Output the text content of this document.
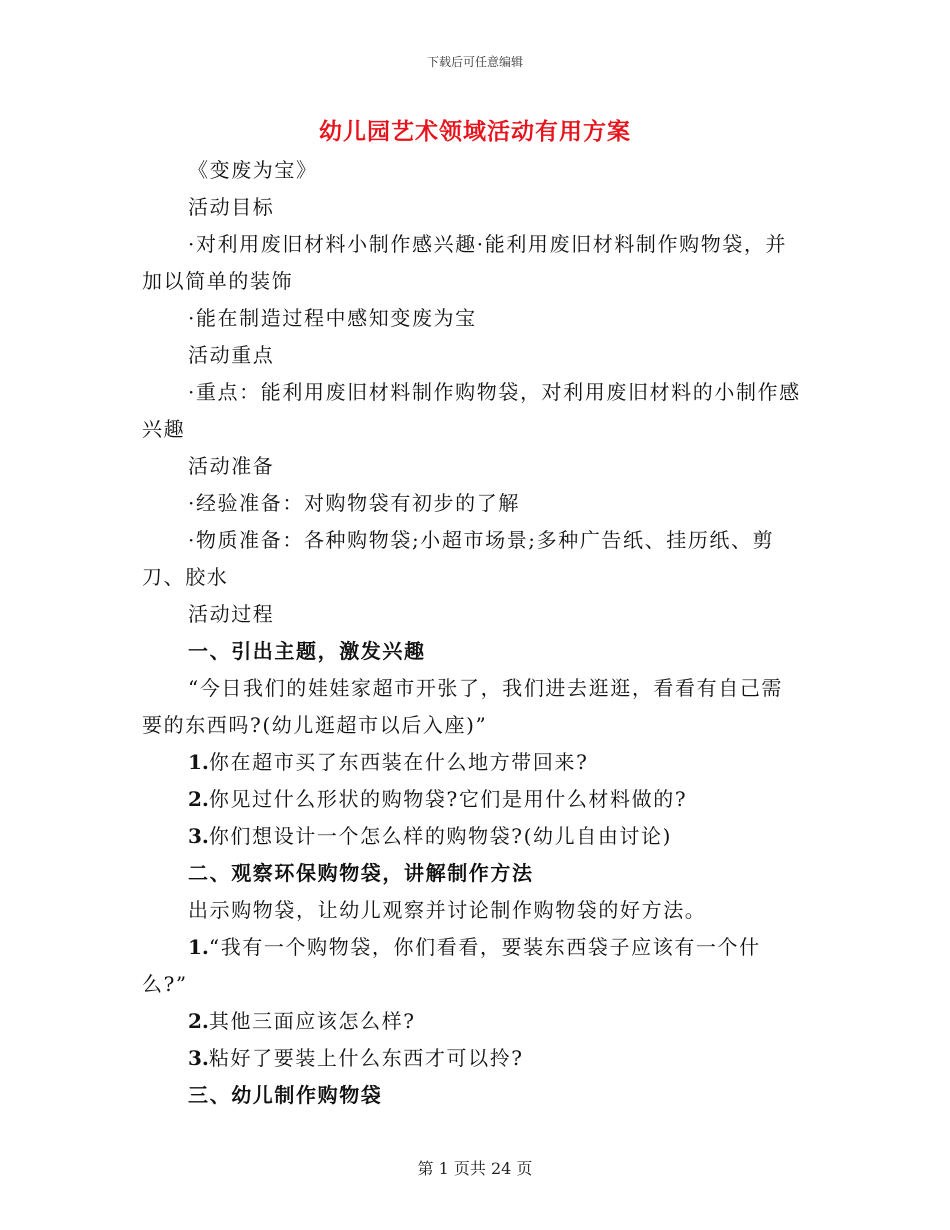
下载后可任意编辑
幼儿园艺术领域活动有用方案

《变废为宝》

活动目标

·对利用废旧材料小制作感兴趣·能利用废旧材料制作购物袋，并加以简单的装饰

·能在制造过程中感知变废为宝

活动重点

·重点：能利用废旧材料制作购物袋，对利用废旧材料的小制作感兴趣

活动准备

·经验准备：对购物袋有初步的了解

·物质准备：各种购物袋;小超市场景;多种广告纸、挂历纸、剪刀、胶水

活动过程

一、引出主题，激发兴趣

“今日我们的娃娃家超市开张了，我们进去逛逛，看看有自己需要的东西吗?(幼儿逛超市以后入座)”

1.你在超市买了东西装在什么地方带回来?

2.你见过什么形状的购物袋?它们是用什么材料做的?

3.你们想设计一个怎么样的购物袋?(幼儿自由讨论)

二、观察环保购物袋，讲解制作方法

出示购物袋，让幼儿观察并讨论制作购物袋的好方法。

1.“我有一个购物袋，你们看看，要装东西袋子应该有一个什么?”

2.其他三面应该怎么样?

3.粘好了要装上什么东西才可以拎?

三、幼儿制作购物袋

第 1 页共 24 页
